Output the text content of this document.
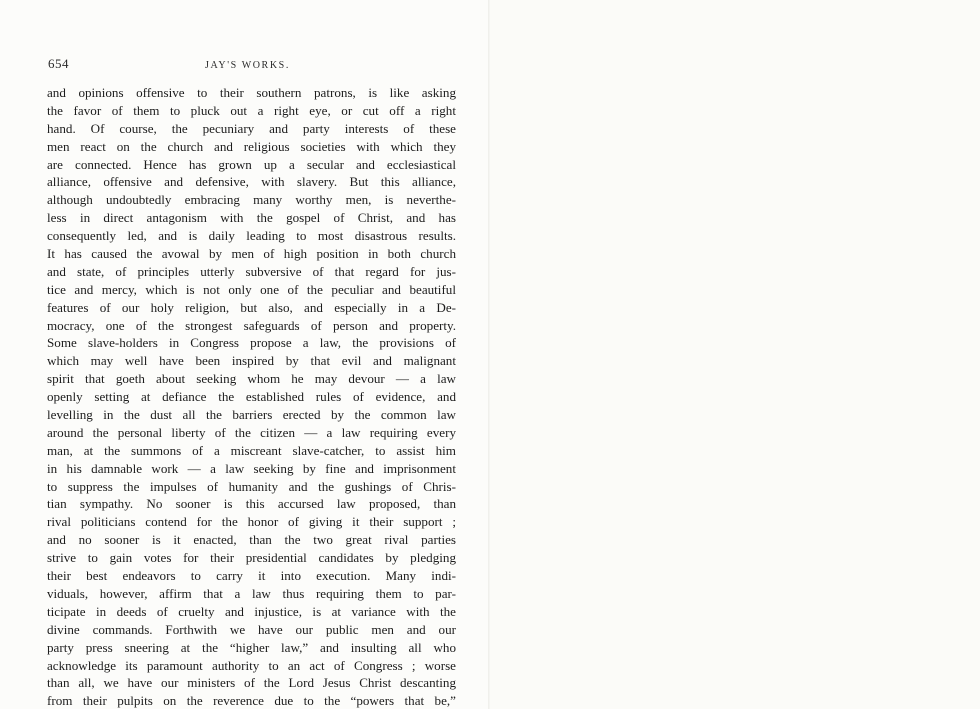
654	JAY'S WORKS.
and opinions offensive to their southern patrons, is like asking
the favor of them to pluck out a right eye, or cut off a right
hand. Of course, the pecuniary and party interests of these
men react on the church and religious societies with which they
are connected. Hence has grown up a secular and ecclesiastical
alliance, offensive and defensive, with slavery. But this alliance,
although undoubtedly embracing many worthy men, is neverthe-
less in direct antagonism with the gospel of Christ, and has
consequently led, and is daily leading to most disastrous results.
It has caused the avowal by men of high position in both church
and state, of principles utterly subversive of that regard for jus-
tice and mercy, which is not only one of the peculiar and beautiful
features of our holy religion, but also, and especially in a De-
mocracy, one of the strongest safeguards of person and property.
Some slave-holders in Congress propose a law, the provisions of
which may well have been inspired by that evil and malignant
spirit that goeth about seeking whom he may devour — a law
openly setting at defiance the established rules of evidence, and
levelling in the dust all the barriers erected by the common law
around the personal liberty of the citizen — a law requiring every
man, at the summons of a miscreant slave-catcher, to assist him
in his damnable work — a law seeking by fine and imprisonment
to suppress the impulses of humanity and the gushings of Chris-
tian sympathy. No sooner is this accursed law proposed, than
rival politicians contend for the honor of giving it their support ;
and no sooner is it enacted, than the two great rival parties
strive to gain votes for their presidential candidates by pledging
their best endeavors to carry it into execution. Many indi-
viduals, however, affirm that a law thus requiring them to par-
ticipate in deeds of cruelty and injustice, is at variance with the
divine commands. Forthwith we have our public men and our
party press sneering at the “higher law,” and insulting all who
acknowledge its paramount authority to an act of Congress ; worse
than all, we have our ministers of the Lord Jesus Christ descanting
from their pulpits on the reverence due to the “powers that be,”
